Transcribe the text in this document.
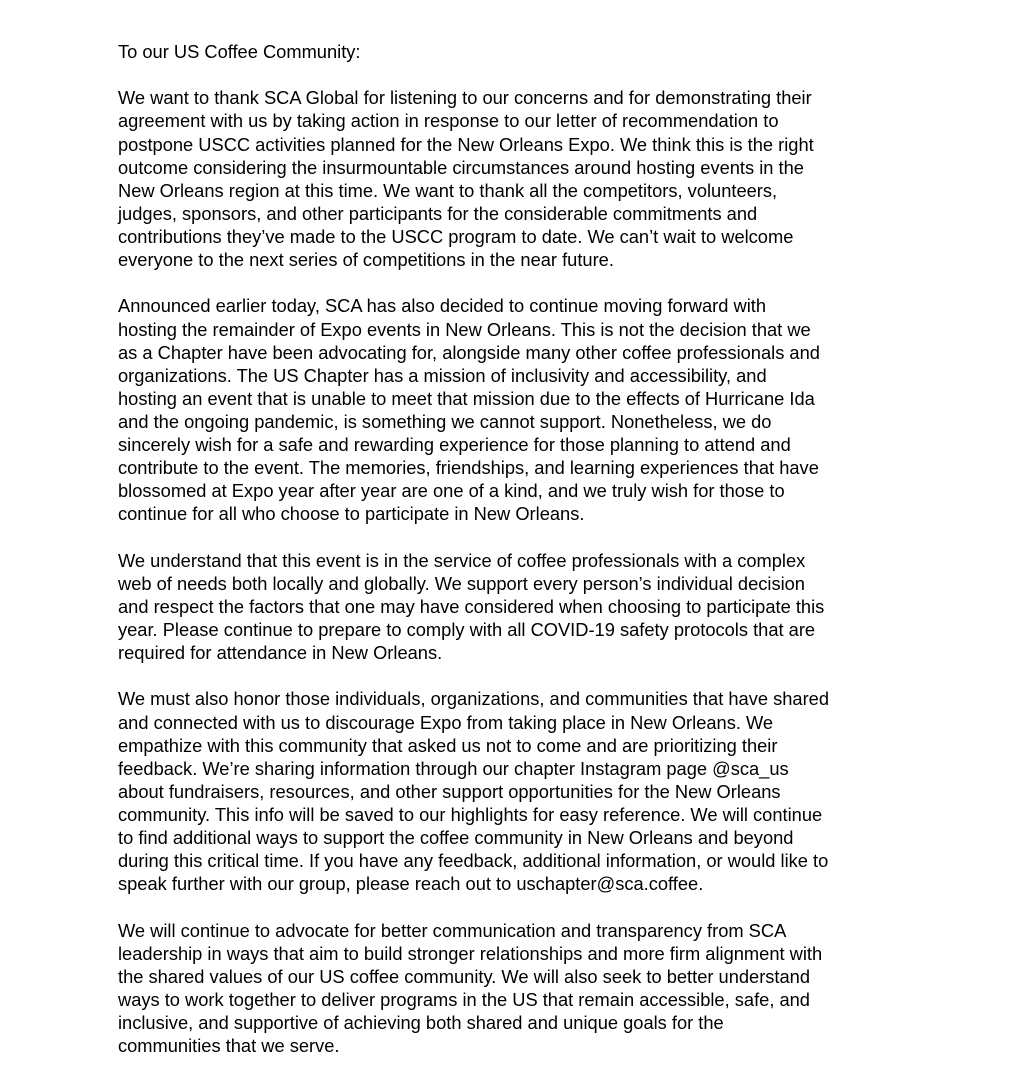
To our US Coffee Community:

We want to thank SCA Global for listening to our concerns and for demonstrating their
agreement with us by taking action in response to our letter of recommendation to
postpone USCC activities planned for the New Orleans Expo. We think this is the right
outcome considering the insurmountable circumstances around hosting events in the
New Orleans region at this time. We want to thank all the competitors, volunteers,
judges, sponsors, and other participants for the considerable commitments and
contributions they’ve made to the USCC program to date. We can’t wait to welcome
everyone to the next series of competitions in the near future.

Announced earlier today, SCA has also decided to continue moving forward with
hosting the remainder of Expo events in New Orleans. This is not the decision that we
as a Chapter have been advocating for, alongside many other coffee professionals and
organizations. The US Chapter has a mission of inclusivity and accessibility, and
hosting an event that is unable to meet that mission due to the effects of Hurricane Ida
and the ongoing pandemic, is something we cannot support. Nonetheless, we do
sincerely wish for a safe and rewarding experience for those planning to attend and
contribute to the event. The memories, friendships, and learning experiences that have
blossomed at Expo year after year are one of a kind, and we truly wish for those to
continue for all who choose to participate in New Orleans.

We understand that this event is in the service of coffee professionals with a complex
web of needs both locally and globally. We support every person’s individual decision
and respect the factors that one may have considered when choosing to participate this
year. Please continue to prepare to comply with all COVID-19 safety protocols that are
required for attendance in New Orleans.

We must also honor those individuals, organizations, and communities that have shared
and connected with us to discourage Expo from taking place in New Orleans. We
empathize with this community that asked us not to come and are prioritizing their
feedback. We’re sharing information through our chapter Instagram page @sca_us
about fundraisers, resources, and other support opportunities for the New Orleans
community. This info will be saved to our highlights for easy reference. We will continue
to find additional ways to support the coffee community in New Orleans and beyond
during this critical time. If you have any feedback, additional information, or would like to
speak further with our group, please reach out to uschapter@sca.coffee.

We will continue to advocate for better communication and transparency from SCA
leadership in ways that aim to build stronger relationships and more firm alignment with
the shared values of our US coffee community. We will also seek to better understand
ways to work together to deliver programs in the US that remain accessible, safe, and
inclusive, and supportive of achieving both shared and unique goals for the
communities that we serve.
